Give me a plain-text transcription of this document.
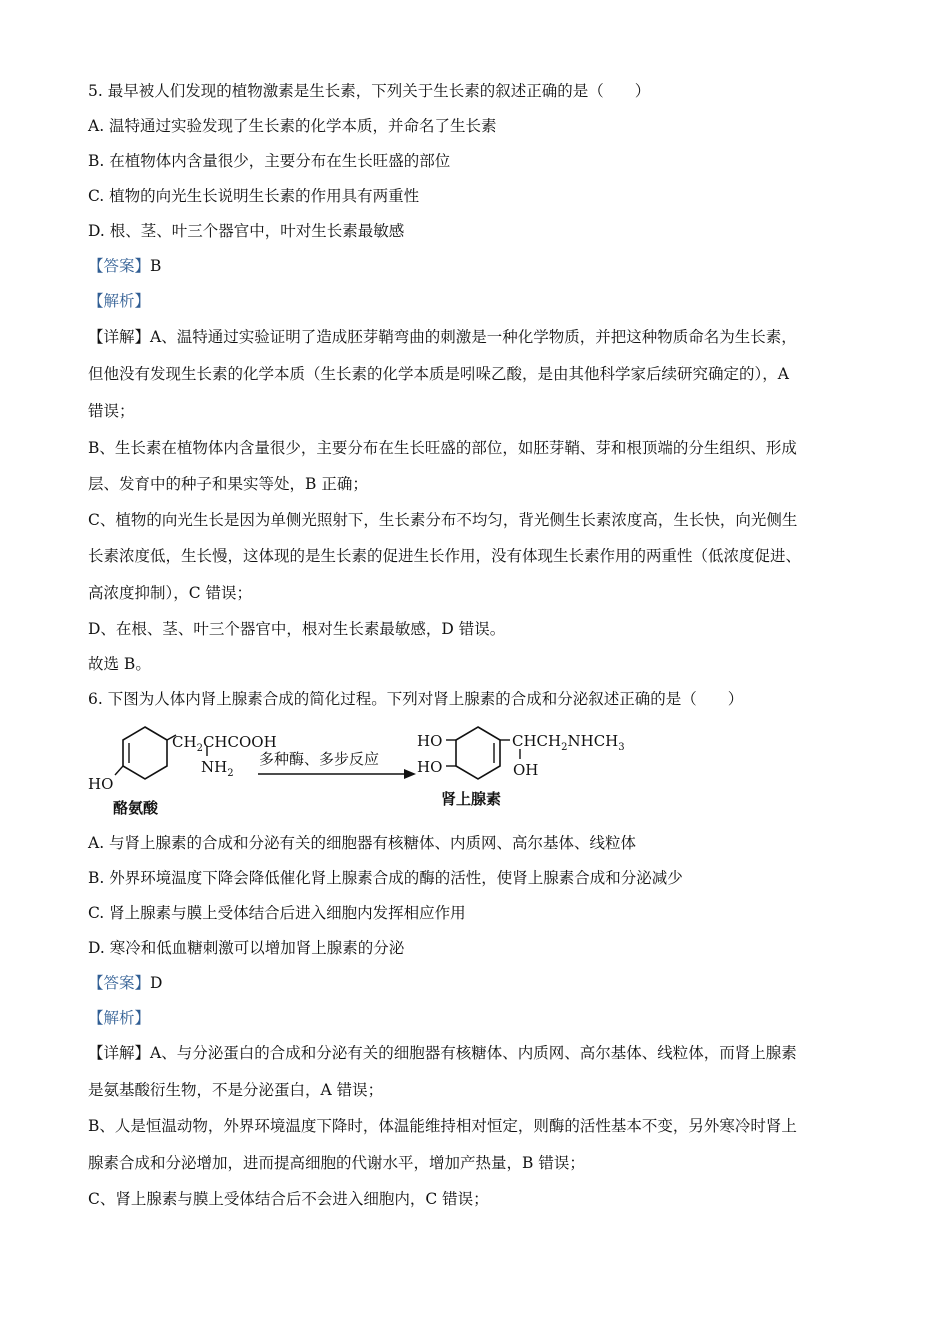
5. 最早被人们发现的植物激素是生长素，下列关于生长素的叙述正确的是（　　）
A. 温特通过实验发现了生长素的化学本质，并命名了生长素
B. 在植物体内含量很少，主要分布在生长旺盛的部位
C. 植物的向光生长说明生长素的作用具有两重性
D. 根、茎、叶三个器官中，叶对生长素最敏感
【答案】B
【解析】
【详解】A、温特通过实验证明了造成胚芽鞘弯曲的刺激是一种化学物质，并把这种物质命名为生长素，
但他没有发现生长素的化学本质（生长素的化学本质是吲哚乙酸，是由其他科学家后续研究确定的），A
错误；
B、生长素在植物体内含量很少，主要分布在生长旺盛的部位，如胚芽鞘、芽和根顶端的分生组织、形成
层、发育中的种子和果实等处，B 正确；
C、植物的向光生长是因为单侧光照射下，生长素分布不均匀，背光侧生长素浓度高，生长快，向光侧生
长素浓度低，生长慢，这体现的是生长素的促进生长作用，没有体现生长素作用的两重性（低浓度促进、
高浓度抑制），C 错误；
D、在根、茎、叶三个器官中，根对生长素最敏感，D 错误。
故选 B。
6. 下图为人体内肾上腺素合成的简化过程。下列对肾上腺素的合成和分泌叙述正确的是（　　）
$CH_2CHCOOH$
$NH_2$
HO
酪氨酸
多种酶、多步反应
HO
HO
$CHCH_2NHCH_3$
OH
肾上腺素
A. 与肾上腺素的合成和分泌有关的细胞器有核糖体、内质网、高尔基体、线粒体
B. 外界环境温度下降会降低催化肾上腺素合成的酶的活性，使肾上腺素合成和分泌减少
C. 肾上腺素与膜上受体结合后进入细胞内发挥相应作用
D. 寒冷和低血糖刺激可以增加肾上腺素的分泌
【答案】D
【解析】
【详解】A、与分泌蛋白的合成和分泌有关的细胞器有核糖体、内质网、高尔基体、线粒体，而肾上腺素
是氨基酸衍生物，不是分泌蛋白，A 错误；
B、人是恒温动物，外界环境温度下降时，体温能维持相对恒定，则酶的活性基本不变，另外寒冷时肾上
腺素合成和分泌增加，进而提高细胞的代谢水平，增加产热量，B 错误；
C、肾上腺素与膜上受体结合后不会进入细胞内，C 错误；
